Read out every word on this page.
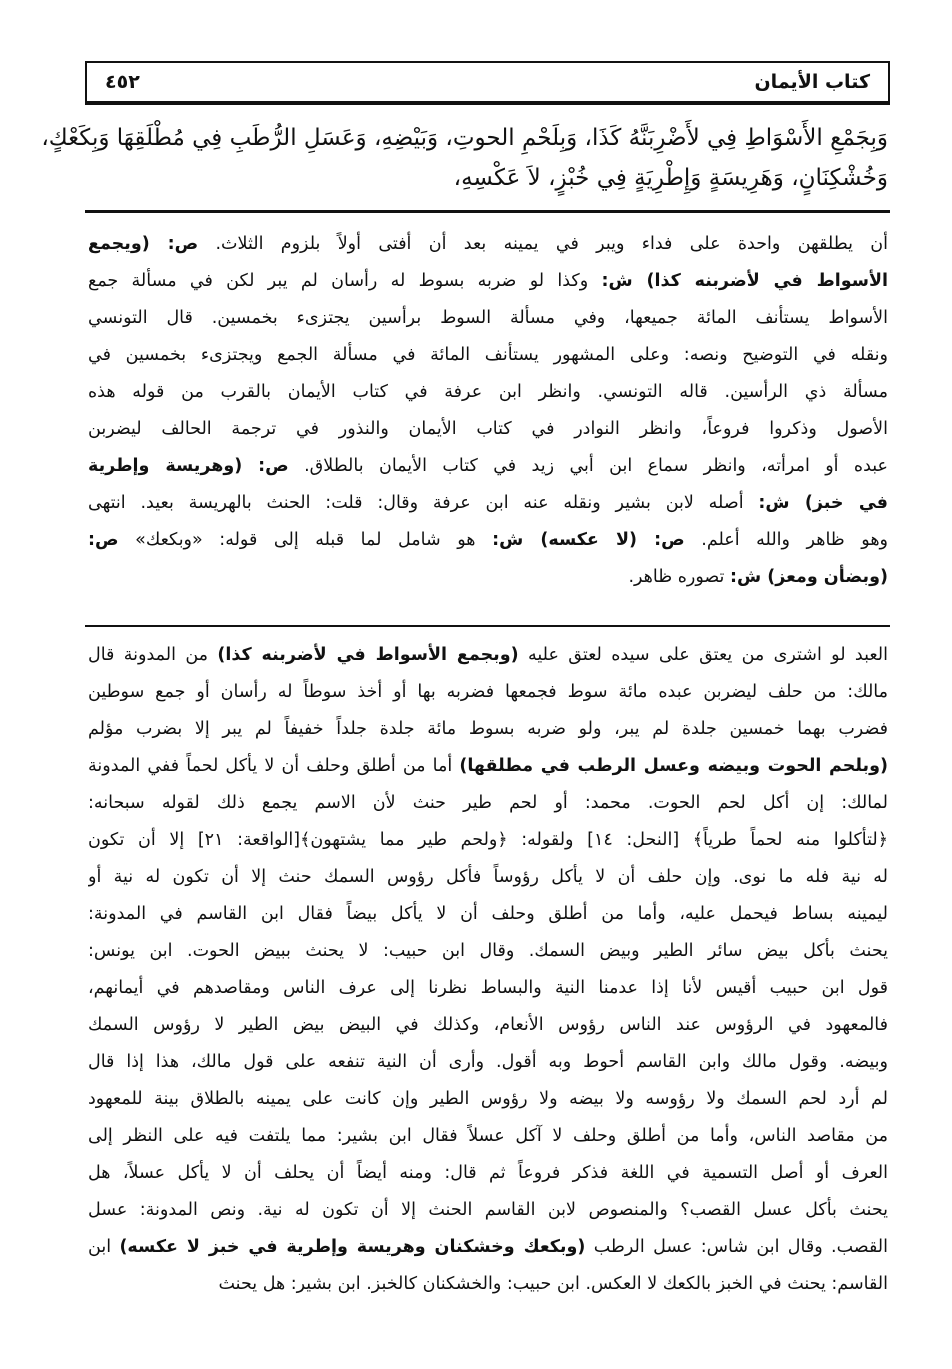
كتاب الأيمان
٤٥٢
وَبِجَمْعِ الأَسْوَاطِ فِي لأَضْرِبَنَّهُ كَذَا، وَبِلَحْمِ الحوتِ، وَبَيْضِهِ، وَعَسَلِ الرُّطَبِ فِي مُطْلَقِهَا وَبِكَعْكٍ،
وَخُشْكِنَانٍ، وَهَرِيسَةٍ وَإِطْرِيَةٍ فِي خُبْزٍ، لاَ عَكْسِهِ،
أن يطلقهن واحدة على فداء ويبر في يمينه بعد أن أفتى أولاً بلزوم الثلاث. ص: (ويجمع
الأسواط في لأضربنه كذا) ش: وكذا لو ضربه بسوط له رأسان لم يبر لكن في مسألة جمع
الأسواط يستأنف المائة جميعها، وفي مسألة السوط برأسين يجتزىء بخمسين. قال التونسي
ونقله في التوضيح ونصه: وعلى المشهور يستأنف المائة في مسألة الجمع ويجتزىء بخمسين في
مسألة ذي الرأسين. قاله التونسي. وانظر ابن عرفة في كتاب الأيمان بالقرب من قوله هذه
الأصول وذكروا فروعاً، وانظر النوادر في كتاب الأيمان والنذور في ترجمة الحالف ليضربن
عبده أو امرأته، وانظر سماع ابن أبي زيد في كتاب الأيمان بالطلاق. ص: (وهريسة وإطرية
في خبز) ش: أصله لابن بشير ونقله عنه ابن عرفة وقال: قلت: الحنث بالهريسة بعيد. انتهى
وهو ظاهر والله أعلم. ص: (لا عكسه) ش: هو شامل لما قبله إلى قوله: «وبكعك» ص:
(وبضأن ومعز) ش: تصوره ظاهر.
العبد لو اشترى من يعتق على سيده لعتق عليه (وبجمع الأسواط في لأضربنه كذا) من المدونة قال
مالك: من حلف ليضربن عبده مائة سوط فجمعها فضربه بها أو أخذ سوطاً له رأسان أو جمع سوطين
فضرب بهما خمسين جلدة لم يبر، ولو ضربه بسوط مائة جلدة جلداً خفيفاً لم يبر إلا بضرب مؤلم
(وبلحم الحوت وبيضه وعسل الرطب في مطلقها) أما من أطلق وحلف أن لا يأكل لحماً ففي المدونة
لمالك: إن أكل لحم الحوت. محمد: أو لحم طير حنث لأن الاسم يجمع ذلك لقوله سبحانه:
﴿لتأكلوا منه لحماً طرياً﴾ [النحل: ١٤] ولقوله: ﴿ولحم طير مما يشتهون﴾[الواقعة: ٢١] إلا أن تكون
له نية فله ما نوى. وإن حلف أن لا يأكل رؤوساً فأكل رؤوس السمك حنث إلا أن تكون له نية أو
ليمينه بساط فيحمل عليه، وأما من أطلق وحلف أن لا يأكل بيضاً فقال ابن القاسم في المدونة:
يحنث بأكل بيض سائر الطير وبيض السمك. وقال ابن حبيب: لا يحنث ببيض الحوت. ابن يونس:
قول ابن حبيب أقيس لأنا إذا عدمنا النية والبساط نظرنا إلى عرف الناس ومقاصدهم في أيمانهم،
فالمعهود في الرؤوس عند الناس رؤوس الأنعام، وكذلك في البيض بيض الطير لا رؤوس السمك
وبيضه. وقول مالك وابن القاسم أحوط وبه أقول. وأرى أن النية تنفعه على قول مالك، هذا إذا قال
لم أرد لحم السمك ولا رؤوسه ولا بيضه ولا رؤوس الطير وإن كانت على يمينه بالطلاق بينة للمعهود
من مقاصد الناس، وأما من أطلق وحلف لا آكل عسلاً فقال ابن بشير: مما يلتفت فيه على النظر إلى
العرف أو أصل التسمية في اللغة فذكر فروعاً ثم قال: ومنه أيضاً أن يحلف أن لا يأكل عسلاً، هل
يحنث بأكل عسل القصب؟ والمنصوص لابن القاسم الحنث إلا أن تكون له نية. ونص المدونة: عسل
القصب. وقال ابن شاس: عسل الرطب (وبكعك وخشكنان وهريسة وإطرية في خبز لا عكسه) ابن
القاسم: يحنث في الخبز بالكعك لا العكس. ابن حبيب: والخشكنان كالخبز. ابن بشير: هل يحنث
